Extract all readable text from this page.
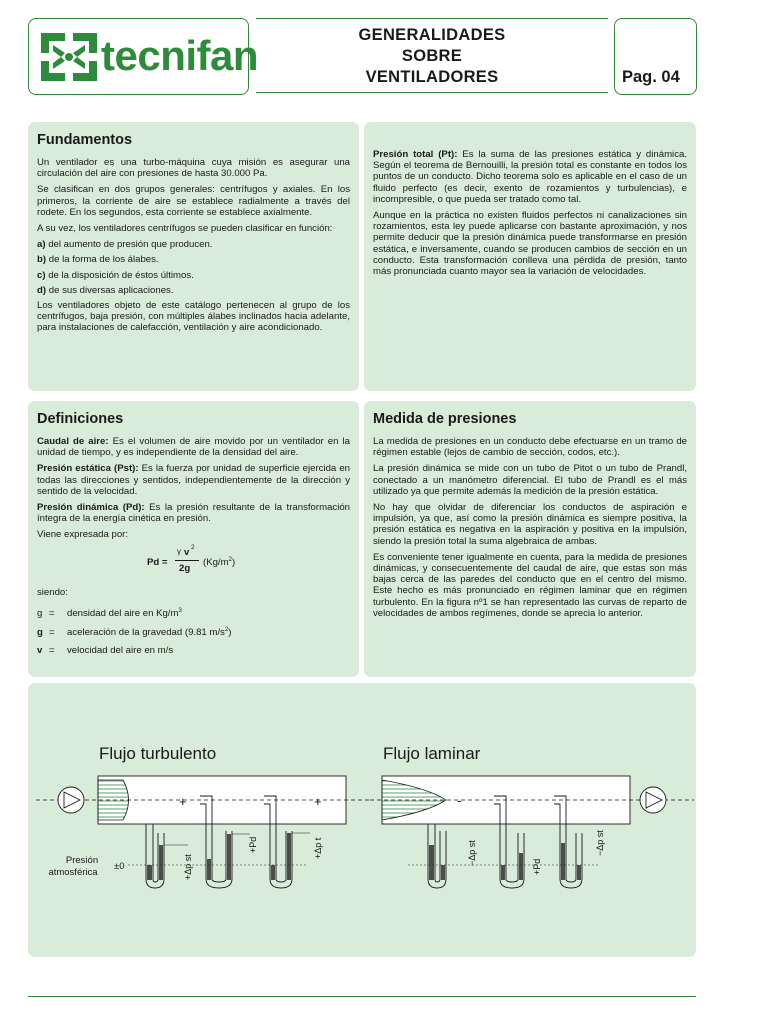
tecnifan	GENERALIDADES
SOBRE
VENTILADORES	Pag. 04
Fundamentos

Un ventilador es una turbo-máquina cuya misión es asegurar una circulación del aire con presiones de hasta 30.000 Pa.

Se clasifican en dos grupos generales: centrífugos y axiales. En los primeros, la corriente de aire se establece radialmente a través del rodete. En los segundos, esta corriente se establece axialmente.

A su vez, los ventiladores centrífugos se pueden clasificar en función:

a) del aumento de presión que producen.

b) de la forma de los álabes.

c) de la disposición de éstos últimos.

d) de sus diversas aplicaciones.

Los ventiladores objeto de este catálogo pertenecen al grupo de los centrífugos, baja presión, con múltiples álabes inclinados hacia adelante, para instalaciones de calefacción, ventilación y aire acondicionado.

Presión total (Pt): Es la suma de las presiones estática y dinámica. Según el teorema de Bernouilli, la presión total es constante en todos los puntos de un conducto. Dicho teorema solo es aplicable en el caso de un fluido perfecto (es decir, exento de rozamientos y turbulencias), e incompresible, o que pueda ser tratado como tal.

Aunque en la práctica no existen fluidos perfectos ni canalizaciones sin rozamientos, esta ley puede aplicarse con bastante aproximación, y nos permite deducir que la presión dinámica puede transformarse en presión estática, e inversamente, cuando se producen cambios de sección en un conducto. Esta transformación conlleva una pérdida de presión, tanto más pronunciada cuanto mayor sea la variación de velocidades.

Definiciones

Caudal de aire: Es el volumen de aire movido por un ventilador en la unidad de tiempo, y es independiente de la densidad del aire.

Presión estática (Pst): Es la fuerza por unidad de superficie ejercida en todas las direcciones y sentidos, independientemente de la dirección y sentido de la velocidad.

Presión dinámica (Pd): Es la presión resultante de la transformación íntegra de la energía cinética en presión.

Viene expresada por:

Pd =
γ v 2
2g
$(Kg/m^2)$

siendo:

g = densidad del aire en $Kg/m^3$

g = aceleración de la gravedad (9.81 $m/s^2$)

v = velocidad del aire en m/s

Medida de presiones

La medida de presiones en un conducto debe efectuarse en un tramo de régimen estable (lejos de cambio de sección, codos, etc.).

La presión dinámica se mide con un tubo de Pitot o un tubo de Prandl, conectado a un manómetro diferencial. El tubo de Prandl es el más utilizado ya que permite además la medición de la presión estática.

No hay que olvidar de diferenciar los conductos de aspiración e impulsión, ya que, así como la presión dinámica es siempre positiva, la presión estática es negativa en la aspiración y positiva en la impulsión, siendo la presión total la suma algebraica de ambas.

Es conveniente tener igualmente en cuenta, para la medida de presiones dinámicas, y consecuentemente del caudal de aire, que estas son más bajas cerca de las paredes del conducto que en el centro del mismo. Este hecho es más pronunciado en régimen laminar que en régimen turbulento. En la figura nº1 se han representado las curvas de reparto de velocidades de ambos regímenes, donde se aprecia lo anterior.

Flujo turbulento	Flujo laminar
+	+
Presión
atmosférica
±0	+Δp st
+Pd	+Δp t
-
−Δp st
+Pd
−Δp st
